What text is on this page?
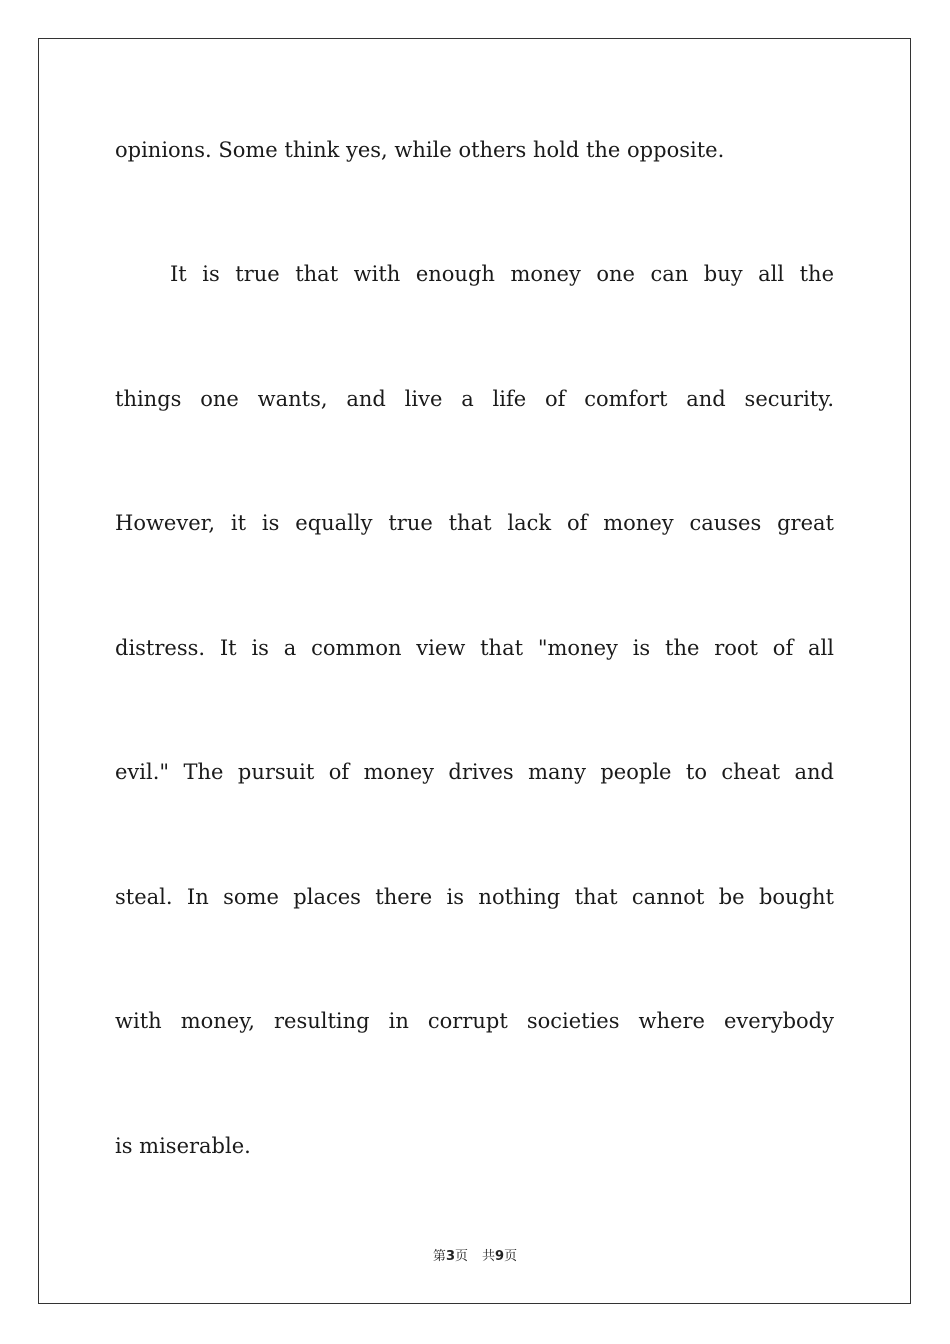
opinions. Some think yes, while others hold the opposite.
It is true that with enough money one can buy all the
things one wants, and live a life of comfort and security.
However, it is equally true that lack of money causes great
distress. It is a common view that "money is the root of all
evil." The pursuit of money drives many people to cheat and
steal. In some places there is nothing that cannot be bought
with money, resulting in corrupt societies where everybody
is miserable.
第3页 共9页
